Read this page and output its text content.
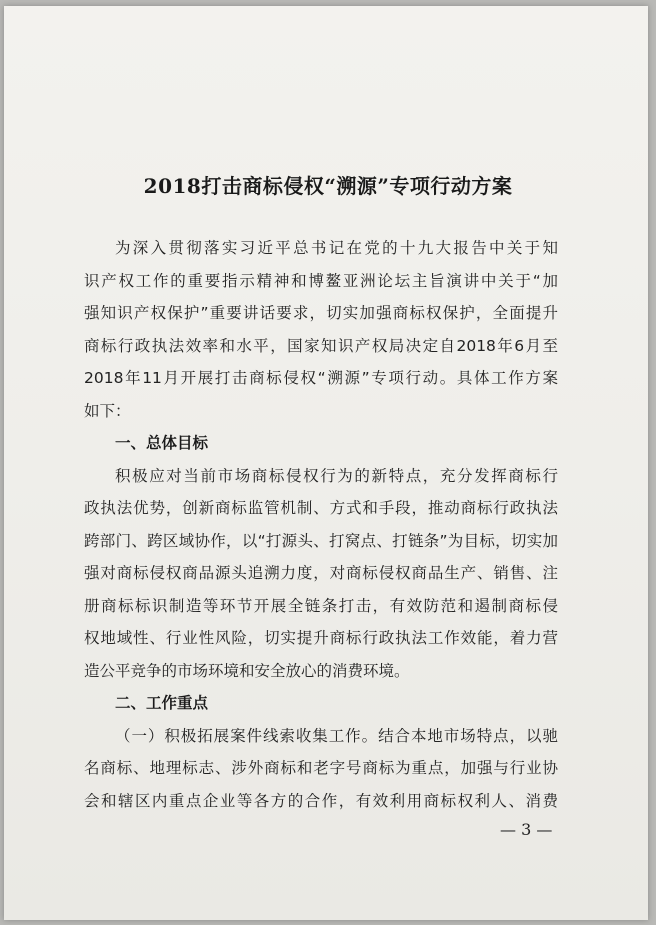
2018打击商标侵权“溯源”专项行动方案

为深入贯彻落实习近平总书记在党的十九大报告中关于知

识产权工作的重要指示精神和博鳌亚洲论坛主旨演讲中关于“加

强知识产权保护”重要讲话要求，切实加强商标权保护，全面提升

商标行政执法效率和水平，国家知识产权局决定自2018年6月至

2018年11月开展打击商标侵权“溯源”专项行动。具体工作方案

如下：

一、总体目标

积极应对当前市场商标侵权行为的新特点，充分发挥商标行

政执法优势，创新商标监管机制、方式和手段，推动商标行政执法

跨部门、跨区域协作，以“打源头、打窝点、打链条”为目标，切实加

强对商标侵权商品源头追溯力度，对商标侵权商品生产、销售、注

册商标标识制造等环节开展全链条打击，有效防范和遏制商标侵

权地域性、行业性风险，切实提升商标行政执法工作效能，着力营

造公平竞争的市场环境和安全放心的消费环境。

二、工作重点

（一）积极拓展案件线索收集工作。结合本地市场特点，以驰

名商标、地理标志、涉外商标和老字号商标为重点，加强与行业协

会和辖区内重点企业等各方的合作，有效利用商标权利人、消费

— 3 —
